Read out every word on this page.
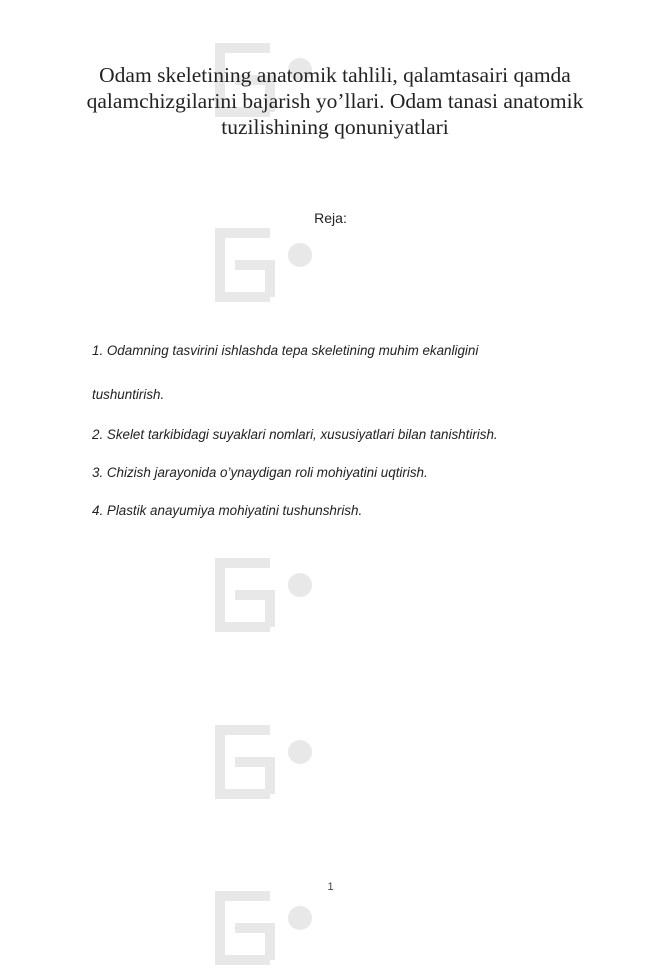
Odam skeletining anatomik tahlili, qalamtasairi qamda
qalamchizgilarini bajarish yo’llari. Odam tanasi anatomik
tuzilishining qonuniyatlari
Reja:
1. Odamning tasvirini ishlashda tepa skeletining muhim ekanligini
tushuntirish.
2. Skelet tarkibidagi suyaklari nomlari, xususiyatlari bilan tanishtirish.
3. Chizish jarayonida o’ynaydigan roli mohiyatini uqtirish.
4. Plastik anayumiya mohiyatini tushunshrish.
1
